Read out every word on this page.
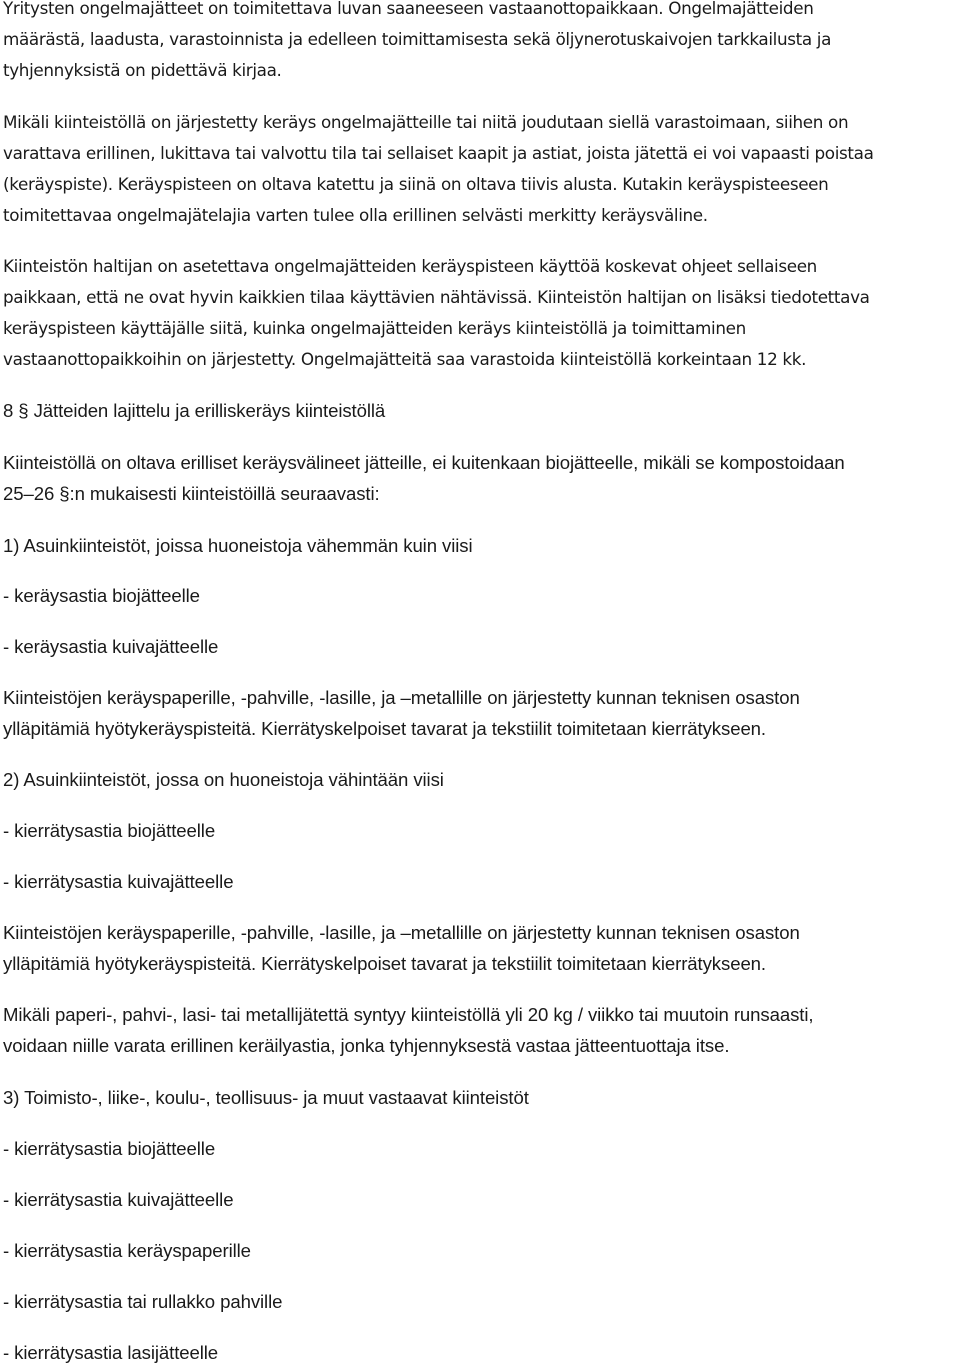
Yritysten ongelmajätteet on toimitettava luvan saaneeseen vastaanottopaikkaan. Ongelmajätteiden
määrästä, laadusta, varastoinnista ja edelleen toimittamisesta sekä öljynerotuskaivojen tarkkailusta ja
tyhjennyksistä on pidettävä kirjaa.

Mikäli kiinteistöllä on järjestetty keräys ongelmajätteille tai niitä joudutaan siellä varastoimaan, siihen on
varattava erillinen, lukittava tai valvottu tila tai sellaiset kaapit ja astiat, joista jätettä ei voi vapaasti poistaa
(keräyspiste). Keräyspisteen on oltava katettu ja siinä on oltava tiivis alusta. Kutakin keräyspisteeseen
toimitettavaa ongelmajätelajia varten tulee olla erillinen selvästi merkitty keräysväline.

Kiinteistön haltijan on asetettava ongelmajätteiden keräyspisteen käyttöä koskevat ohjeet sellaiseen
paikkaan, että ne ovat hyvin kaikkien tilaa käyttävien nähtävissä. Kiinteistön haltijan on lisäksi tiedotettava
keräyspisteen käyttäjälle siitä, kuinka ongelmajätteiden keräys kiinteistöllä ja toimittaminen
vastaanottopaikkoihin on järjestetty. Ongelmajätteitä saa varastoida kiinteistöllä korkeintaan 12 kk.

8 § Jätteiden lajittelu ja erilliskeräys kiinteistöllä

Kiinteistöllä on oltava erilliset keräysvälineet jätteille, ei kuitenkaan biojätteelle, mikäli se kompostoidaan
25–26 §:n mukaisesti kiinteistöillä seuraavasti:

1) Asuinkiinteistöt, joissa huoneistoja vähemmän kuin viisi

- keräysastia biojätteelle

- keräysastia kuivajätteelle

Kiinteistöjen keräyspaperille, -pahville, -lasille, ja –metallille on järjestetty kunnan teknisen osaston
ylläpitämiä hyötykeräyspisteitä. Kierrätyskelpoiset tavarat ja tekstiilit toimitetaan kierrätykseen.

2) Asuinkiinteistöt, jossa on huoneistoja vähintään viisi

- kierrätysastia biojätteelle

- kierrätysastia kuivajätteelle

Kiinteistöjen keräyspaperille, -pahville, -lasille, ja –metallille on järjestetty kunnan teknisen osaston
ylläpitämiä hyötykeräyspisteitä. Kierrätyskelpoiset tavarat ja tekstiilit toimitetaan kierrätykseen.

Mikäli paperi-, pahvi-, lasi- tai metallijätettä syntyy kiinteistöllä yli 20 kg / viikko tai muutoin runsaasti,
voidaan niille varata erillinen keräilyastia, jonka tyhjennyksestä vastaa jätteentuottaja itse.

3) Toimisto-, liike-, koulu-, teollisuus- ja muut vastaavat kiinteistöt

- kierrätysastia biojätteelle

- kierrätysastia kuivajätteelle

- kierrätysastia keräyspaperille

- kierrätysastia tai rullakko pahville

- kierrätysastia lasijätteelle
